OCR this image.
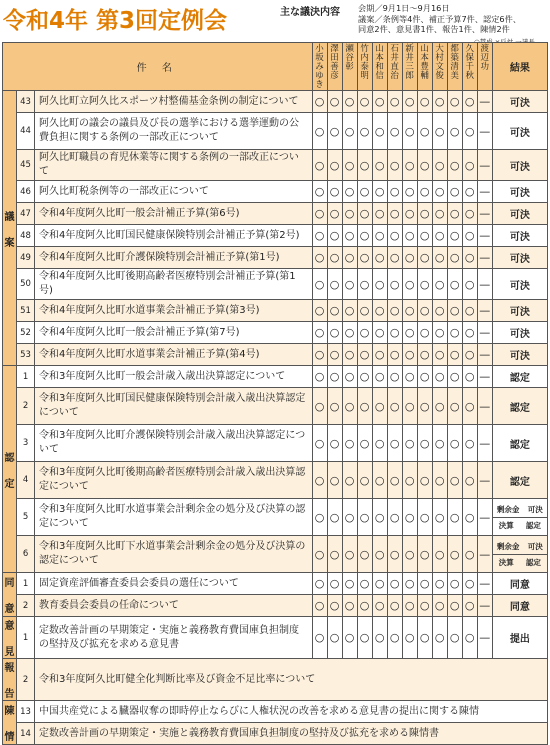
令和4年 第3回定例会	主な議決内容 会期／9月1日〜9月16日
議案／条例等4件、補正予算7件、認定6件、
同意2件、意見書1件、報告1件、陳情2件
件 名			小坂みゆき	澤田善彦	瀬谷彰	竹内泰明	山本和信	石井直治	新井三郎	山本豊輔	大村文俊	都築清美	久保千秋	渡辺功	結果
議

案	43	阿久比町立阿久比スポーツ村整備基金条例の制定について	○	○	○	○	○	○	○	○	○	○	○	—	可決
	44	阿久比町の議会の議員及び長の選挙における選挙運動の公費負担に関する条例の一部改正について	○	○	○	○	○	○	○	○	○	○	○	—	可決
	45	阿久比町職員の育児休業等に関する条例の一部改正について	○	○	○	○	○	○	○	○	○	○	○	—	可決
	46	阿久比町税条例等の一部改正について	○	○	○	○	○	○	○	○	○	○	○	—	可決
	47	令和4年度阿久比町一般会計補正予算(第6号)	○	○	○	○	○	○	○	○	○	○	○	—	可決
	48	令和4年度阿久比町国民健康保険特別会計補正予算(第2号)	○	○	○	○	○	○	○	○	○	○	○	—	可決
	49	令和4年度阿久比町介護保険特別会計補正予算(第1号)	○	○	○	○	○	○	○	○	○	○	○	—	可決
	50	令和4年度阿久比町後期高齢者医療特別会計補正予算(第1号)	○	○	○	○	○	○	○	○	○	○	○	—	可決
	51	令和4年度阿久比町水道事業会計補正予算(第3号)	○	○	○	○	○	○	○	○	○	○	○	—	可決
	52	令和4年度阿久比町一般会計補正予算(第7号)	○	○	○	○	○	○	○	○	○	○	○	—	可決
	53	令和4年度阿久比町水道事業会計補正予算(第4号)	○	○	○	○	○	○	○	○	○	○	○	—	可決
認

定	1	令和3年度阿久比町一般会計歳入歳出決算認定について	○	○	○	○	○	○	○	○	○	○	○	—	認定
	2	令和3年度阿久比町国民健康保険特別会計歳入歳出決算認定について	○	○	○	○	○	○	○	○	○	○	○	—	認定
	3	令和3年度阿久比町介護保険特別会計歳入歳出決算認定について	○	○	○	○	○	○	○	○	○	○	○	—	認定
	4	令和3年度阿久比町後期高齢者医療特別会計歳入歳出決算認定について	○	○	○	○	○	○	○	○	○	○	○	—	認定
	5	令和3年度阿久比町水道事業会計剰余金の処分及び決算の認定について	○	○	○	○	○	○	○	○	○	○	○	—	剰余金 可決
決算 認定

	6	令和3年度阿久比町下水道事業会計剰余金の処分及び決算の認定について	○	○	○	○	○	○	○	○	○	○	○	—	剰余金 可決
決算 認定

同

意	1	固定資産評価審査委員会委員の選任について	○	○	○	○	○	○	○	○	○	○	○	—	同意
	2	教育委員会委員の任命について	○	○	○	○	○	○	○	○	○	○	○	—	同意
意

見	1	定数改善計画の早期策定・実施と義務教育費国庫負担制度の堅持及び拡充を求める意見書	○	○	○	○	○	○	○	○	○	○	○	—	提出
報

告	2	令和3年度阿久比町健全化判断比率及び資金不足比率について													
陳

情	13	中国共産党による臓器収奪の即時停止ならびに人権状況の改善を求める意見書の提出に関する陳情													
	14	定数改善計画の早期策定・実施と義務教育費国庫負担制度の堅持及び拡充を求める陳情書													
